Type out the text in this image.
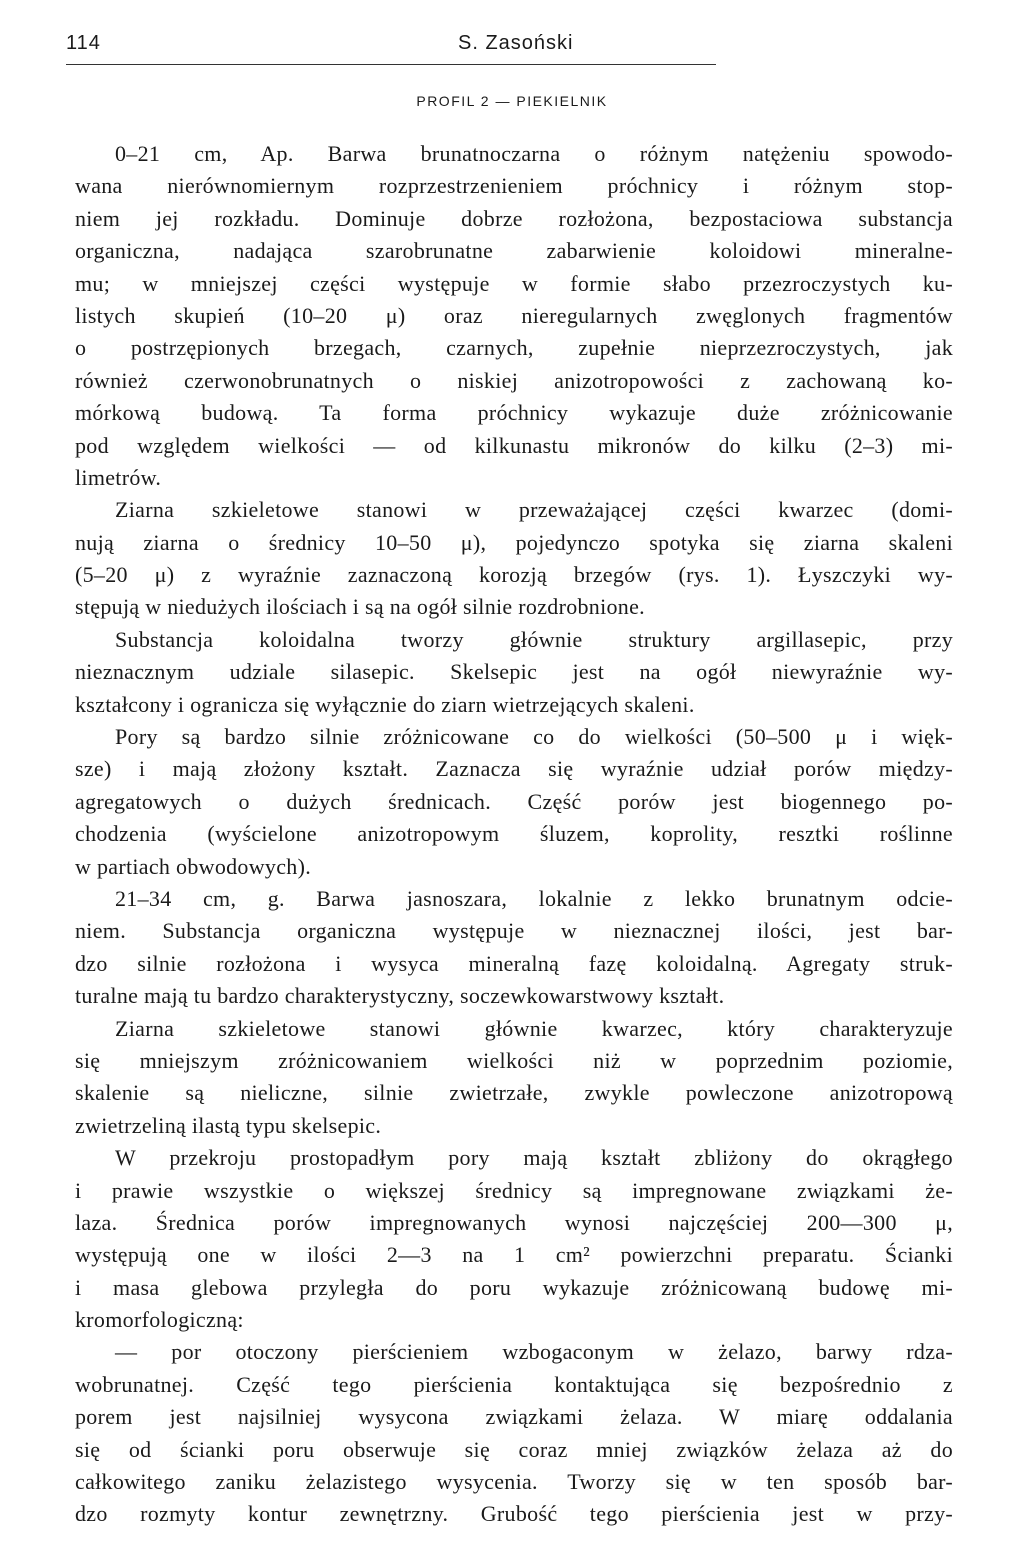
114	S. Zasoński
PROFIL 2 — PIEKIELNIK
0–21 cm, Ap. Barwa brunatnoczarna o różnym natężeniu spowodo-
wana nierównomiernym rozprzestrzenieniem próchnicy i różnym stop-
niem jej rozkładu. Dominuje dobrze rozłożona, bezpostaciowa substancja
organiczna, nadająca szarobrunatne zabarwienie koloidowi mineralne-
mu; w mniejszej części występuje w formie słabo przezroczystych ku-
listych skupień (10–20 μ) oraz nieregularnych zwęglonych fragmentów
o postrzępionych brzegach, czarnych, zupełnie nieprzezroczystych, jak
również czerwonobrunatnych o niskiej anizotropowości z zachowaną ko-
mórkową budową. Ta forma próchnicy wykazuje duże zróżnicowanie
pod względem wielkości — od kilkunastu mikronów do kilku (2–3) mi-
limetrów.
Ziarna szkieletowe stanowi w przeważającej części kwarzec (domi-
nują ziarna o średnicy 10–50 μ), pojedynczo spotyka się ziarna skaleni
(5–20 μ) z wyraźnie zaznaczoną korozją brzegów (rys. 1). Łyszczyki wy-
stępują w niedużych ilościach i są na ogół silnie rozdrobnione.
Substancja koloidalna tworzy głównie struktury argillasepic, przy
nieznacznym udziale silasepic. Skelsepic jest na ogół niewyraźnie wy-
kształcony i ogranicza się wyłącznie do ziarn wietrzejących skaleni.
Pory są bardzo silnie zróżnicowane co do wielkości (50–500 μ i więk-
sze) i mają złożony kształt. Zaznacza się wyraźnie udział porów między-
agregatowych o dużych średnicach. Część porów jest biogennego po-
chodzenia (wyścielone anizotropowym śluzem, koprolity, resztki roślinne
w partiach obwodowych).
21–34 cm, g. Barwa jasnoszara, lokalnie z lekko brunatnym odcie-
niem. Substancja organiczna występuje w nieznacznej ilości, jest bar-
dzo silnie rozłożona i wysyca mineralną fazę koloidalną. Agregaty struk-
turalne mają tu bardzo charakterystyczny, soczewkowarstwowy kształt.
Ziarna szkieletowe stanowi głównie kwarzec, który charakteryzuje
się mniejszym zróżnicowaniem wielkości niż w poprzednim poziomie,
skalenie są nieliczne, silnie zwietrzałe, zwykle powleczone anizotropową
zwietrzeliną ilastą typu skelsepic.
W przekroju prostopadłym pory mają kształt zbliżony do okrągłego
i prawie wszystkie o większej średnicy są impregnowane związkami że-
laza. Średnica porów impregnowanych wynosi najczęściej 200—300 μ,
występują one w ilości 2—3 na 1 cm² powierzchni preparatu. Ścianki
i masa glebowa przyległa do poru wykazuje zróżnicowaną budowę mi-
kromorfologiczną:
— por otoczony pierścieniem wzbogaconym w żelazo, barwy rdza-
wobrunatnej. Część tego pierścienia kontaktująca się bezpośrednio z
porem jest najsilniej wysycona związkami żelaza. W miarę oddalania
się od ścianki poru obserwuje się coraz mniej związków żelaza aż do
całkowitego zaniku żelazistego wysycenia. Tworzy się w ten sposób bar-
dzo rozmyty kontur zewnętrzny. Grubość tego pierścienia jest w przy-
